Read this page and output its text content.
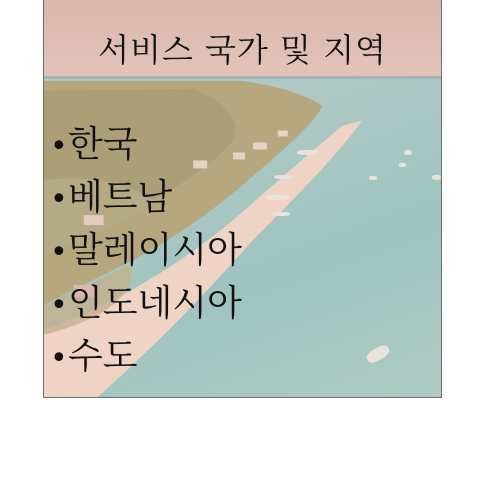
서비스 국가 및 지역
•한국
•베트남
•말레이시아
•인도네시아
•수도
